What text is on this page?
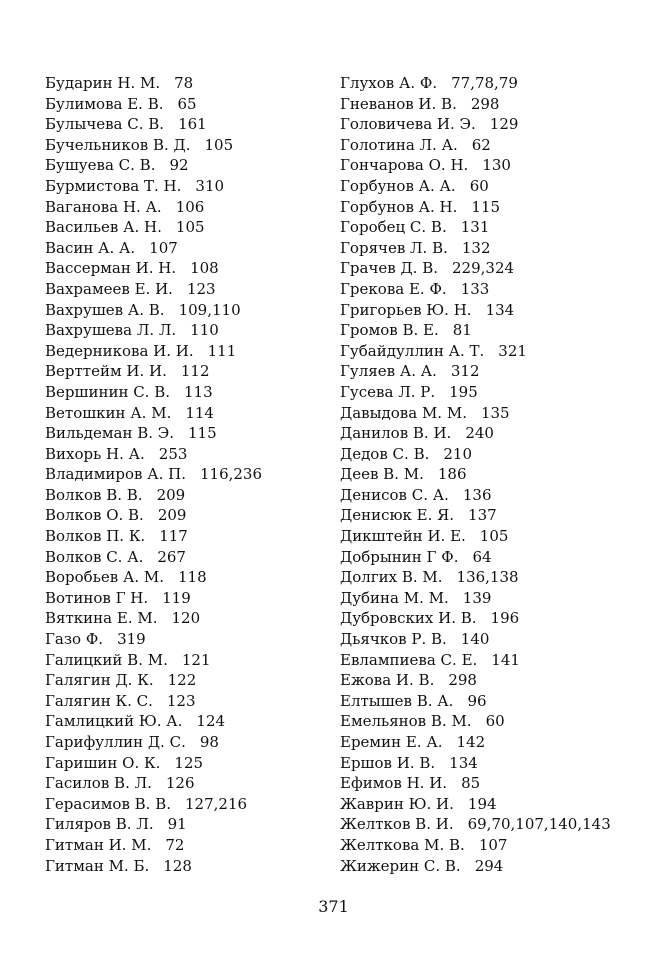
Бударин Н. М. 78
Булимова Е. В. 65
Булычева С. В. 161
Бучельников В. Д. 105
Бушуева С. В. 92
Бурмистова Т. Н. 310
Ваганова Н. А. 106
Васильев А. Н. 105
Васин А. А. 107
Вассерман И. Н. 108
Вахрамеев Е. И. 123
Вахрушев А. В. 109,110
Вахрушева Л. Л. 110
Ведерникова И. И. 111
Верттейм И. И. 112
Вершинин С. В. 113
Ветошкин А. М. 114
Вильдеман В. Э. 115
Вихорь Н. А. 253
Владимиров А. П. 116,236
Волков В. В. 209
Волков О. В. 209
Волков П. К. 117
Волков С. А. 267
Воробьев А. М. 118
Вотинов Г Н. 119
Вяткина Е. М. 120
Газо Ф. 319
Галицкий В. М. 121
Галягин Д. К. 122
Галягин К. С. 123
Гамлицкий Ю. А. 124
Гарифуллин Д. С. 98
Гаришин О. К. 125
Гасилов В. Л. 126
Герасимов В. В. 127,216
Гиляров В. Л. 91
Гитман И. М. 72
Гитман М. Б. 128
Глухов А. Ф. 77,78,79
Гневанов И. В. 298
Головичева И. Э. 129
Голотина Л. А. 62
Гончарова О. Н. 130
Горбунов А. А. 60
Горбунов А. Н. 115
Горобец С. В. 131
Горячев Л. В. 132
Грачев Д. В. 229,324
Грекова Е. Ф. 133
Григорьев Ю. Н. 134
Громов В. Е. 81
Губайдуллин А. Т. 321
Гуляев А. А. 312
Гусева Л. Р. 195
Давыдова М. М. 135
Данилов В. И. 240
Дедов С. В. 210
Деев В. М. 186
Денисов С. А. 136
Денисюк Е. Я. 137
Дикштейн И. Е. 105
Добрынин Г Ф. 64
Долгих В. М. 136,138
Дубина М. М. 139
Дубровских И. В. 196
Дьячков Р. В. 140
Евлампиева С. Е. 141
Ежова И. В. 298
Елтышев В. А. 96
Емельянов В. М. 60
Еремин Е. А. 142
Ершов И. В. 134
Ефимов Н. И. 85
Жаврин Ю. И. 194
Желтков В. И. 69,70,107,140,143
Желткова М. В. 107
Жижерин С. В. 294
371
